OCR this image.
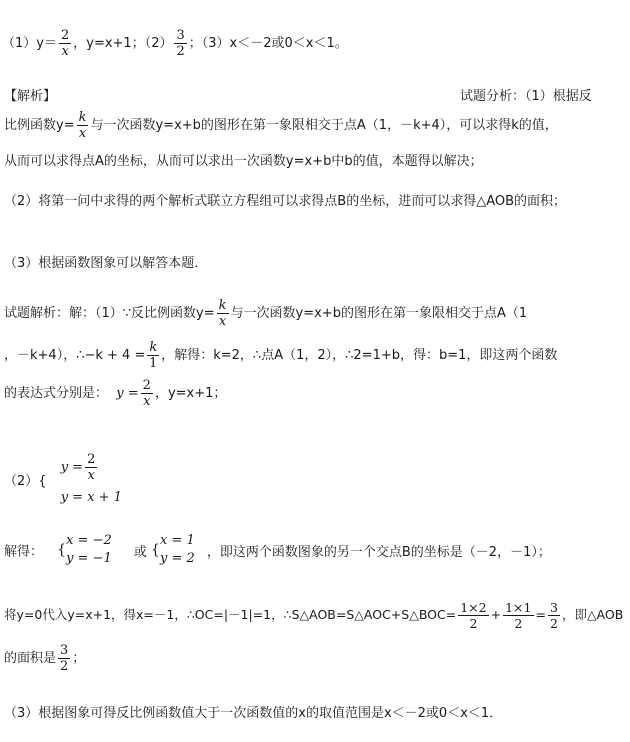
$(1)y= \frac{2}{x}$ ，y=x+1；$(2) \frac{3}{2}$ ；（3）x＜－2或0＜x＜1。
【解析】	试题分析：（1）根据反
比例函数$y= \frac{k}{x}$ 与一次函数y=x+b的图形在第一象限相交于点A（1，－k+4），可以求得k的值，
从而可以求得点A的坐标，从而可以求出一次函数y=x+b中b的值，本题得以解决；
（2）将第一问中求得的两个解析式联立方程组可以求得点B的坐标，进而可以求得△AOB的面积；
（3）根据函数图象可以解答本题．
试题解析：解：（1）∵反比例函数$y= \frac{k}{x}$ 与一次函数y=x+b的图形在第一象限相交于点A（1
，－k+4），∴−k + $4 = \frac{k}{1}$ ，解得：k=2，∴点A（1，2），∴2=1+b，得：b=1，即这两个函数
的表达式分别是： $y = \frac{2}{x}$ ，y=x+1；
（2）{
$y = \frac{2}{x}$
y = x + 1
解得： {
x = −2
y = −1 或 {
x = 1
y = 2 ，即这两个函数图象的另一个交点B的坐标是（－2，－1）；
将y=0代入y=x+1，得x=－1，∴OC=|－1|=1，∴S△AOB=S△AOC+S△BOC= $\frac{1\times 2}{2} + \frac{1\times 1}{2} = \frac{3}{2}$ ，即△AOB
的面积是 $\frac{3}{2}$ ；
（3）根据图象可得反比例函数值大于一次函数值的x的取值范围是x＜－2或0＜x＜1．
